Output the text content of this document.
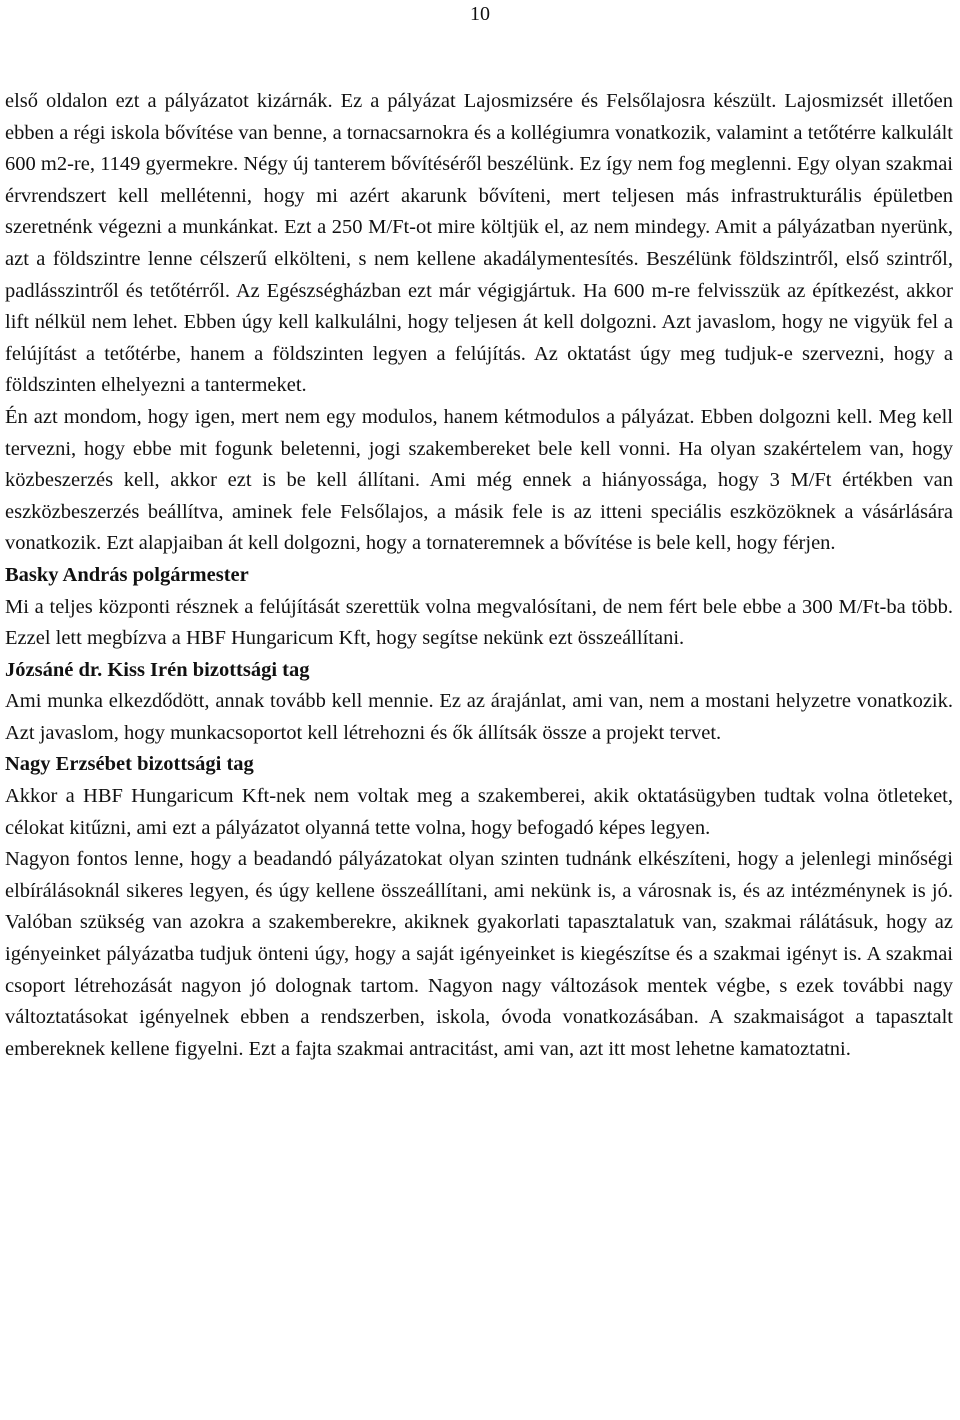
10

első oldalon ezt a pályázatot kizárnák. Ez a pályázat Lajosmizsére és Felsőlajosra készült. Lajosmizsét illetően ebben a régi iskola bővítése van benne, a tornacsarnokra és a kollégiumra vonatkozik, valamint a tetőtérre kalkulált 600 m2-re, 1149 gyermekre. Négy új tanterem bővítéséről beszélünk. Ez így nem fog meglenni. Egy olyan szakmai érvrendszert kell mellétenni, hogy mi azért akarunk bővíteni, mert teljesen más infrastrukturális épületben szeretnénk végezni a munkánkat. Ezt a 250 M/Ft-ot mire költjük el, az nem mindegy. Amit a pályázatban nyerünk, azt a földszintre lenne célszerű elkölteni, s nem kellene akadálymentesítés. Beszélünk földszintről, első szintről, padlásszintről és tetőtérről. Az Egészségházban ezt már végigjártuk. Ha 600 m-re felvisszük az építkezést, akkor lift nélkül nem lehet. Ebben úgy kell kalkulálni, hogy teljesen át kell dolgozni. Azt javaslom, hogy ne vigyük fel a felújítást a tetőtérbe, hanem a földszinten legyen a felújítás. Az oktatást úgy meg tudjuk-e szervezni, hogy a földszinten elhelyezni a tantermeket.

Én azt mondom, hogy igen, mert nem egy modulos, hanem kétmodulos a pályázat. Ebben dolgozni kell. Meg kell tervezni, hogy ebbe mit fogunk beletenni, jogi szakembereket bele kell vonni. Ha olyan szakértelem van, hogy közbeszerzés kell, akkor ezt is be kell állítani. Ami még ennek a hiányossága, hogy 3 M/Ft értékben van eszközbeszerzés beállítva, aminek fele Felsőlajos, a másik fele is az itteni speciális eszközöknek a vásárlására vonatkozik. Ezt alapjaiban át kell dolgozni, hogy a tornateremnek a bővítése is bele kell, hogy férjen.

Basky András polgármester

Mi a teljes központi résznek a felújítását szerettük volna megvalósítani, de nem fért bele ebbe a 300 M/Ft-ba több. Ezzel lett megbízva a HBF Hungaricum Kft, hogy segítse nekünk ezt összeállítani.

Józsáné dr. Kiss Irén bizottsági tag

Ami munka elkezdődött, annak tovább kell mennie. Ez az árajánlat, ami van, nem a mostani helyzetre vonatkozik. Azt javaslom, hogy munkacsoportot kell létrehozni és ők állítsák össze a projekt tervet.

Nagy Erzsébet bizottsági tag

Akkor a HBF Hungaricum Kft-nek nem voltak meg a szakemberei, akik oktatásügyben tudtak volna ötleteket, célokat kitűzni, ami ezt a pályázatot olyanná tette volna, hogy befogadó képes legyen.

Nagyon fontos lenne, hogy a beadandó pályázatokat olyan szinten tudnánk elkészíteni, hogy a jelenlegi minőségi elbírálásoknál sikeres legyen, és úgy kellene összeállítani, ami nekünk is, a városnak is, és az intézménynek is jó. Valóban szükség van azokra a szakemberekre, akiknek gyakorlati tapasztalatuk van, szakmai rálátásuk, hogy az igényeinket pályázatba tudjuk önteni úgy, hogy a saját igényeinket is kiegészítse és a szakmai igényt is. A szakmai csoport létrehozását nagyon jó dolognak tartom. Nagyon nagy változások mentek végbe, s ezek további nagy változtatásokat igényelnek ebben a rendszerben, iskola, óvoda vonatkozásában. A szakmaiságot a tapasztalt embereknek kellene figyelni. Ezt a fajta szakmai antracitást, ami van, azt itt most lehetne kamatoztatni.
